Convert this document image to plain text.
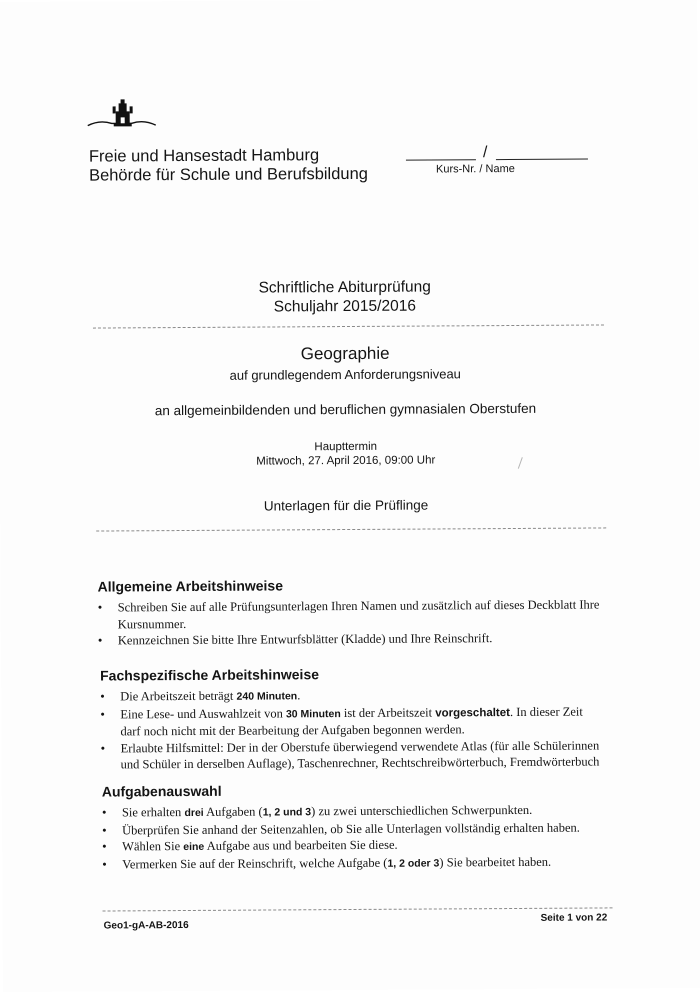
Freie und Hansestadt Hamburg
Behörde für Schule und Berufsbildung
/
Kurs-Nr. / Name
Schriftliche Abiturprüfung
Schuljahr 2015/2016
Geographie
auf grundlegendem Anforderungsniveau
an allgemeinbildenden und beruflichen gymnasialen Oberstufen
Haupttermin
Mittwoch, 27. April 2016, 09:00 Uhr
Unterlagen für die Prüflinge
Allgemeine Arbeitshinweise
• Schreiben Sie auf alle Prüfungsunterlagen Ihren Namen und zusätzlich auf dieses Deckblatt Ihre Kursnummer.
• Kennzeichnen Sie bitte Ihre Entwurfsblätter (Kladde) und Ihre Reinschrift.
Fachspezifische Arbeitshinweise
• Die Arbeitszeit beträgt 240 Minuten.
• Eine Lese- und Auswahlzeit von 30 Minuten ist der Arbeitszeit vorgeschaltet. In dieser Zeit darf noch nicht mit der Bearbeitung der Aufgaben begonnen werden.
• Erlaubte Hilfsmittel: Der in der Oberstufe überwiegend verwendete Atlas (für alle Schülerinnen und Schüler in derselben Auflage), Taschenrechner, Rechtschreibwörterbuch, Fremdwörterbuch
Aufgabenauswahl
• Sie erhalten drei Aufgaben (1, 2 und 3) zu zwei unterschiedlichen Schwerpunkten.
• Überprüfen Sie anhand der Seitenzahlen, ob Sie alle Unterlagen vollständig erhalten haben.
• Wählen Sie eine Aufgabe aus und bearbeiten Sie diese.
• Vermerken Sie auf der Reinschrift, welche Aufgabe (1, 2 oder 3) Sie bearbeitet haben.
Geo1-gA-AB-2016
Seite 1 von 22
